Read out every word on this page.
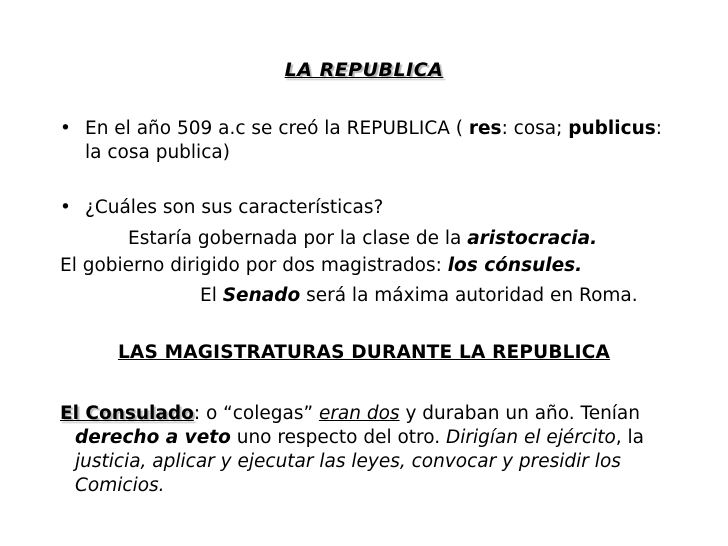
LA REPUBLICA
• En el año 509 a.c se creó la REPUBLICA ( res: cosa; publicus:
la cosa publica)
• ¿Cuáles son sus características?
Estaría gobernada por la clase de la aristocracia.
El gobierno dirigido por dos magistrados: los cónsules.
El Senado será la máxima autoridad en Roma.
LAS MAGISTRATURAS DURANTE LA REPUBLICA
El Consulado: o “colegas” eran dos y duraban un año. Tenían
derecho a veto uno respecto del otro. Dirigían el ejército, la
justicia, aplicar y ejecutar las leyes, convocar y presidir los
Comicios.
